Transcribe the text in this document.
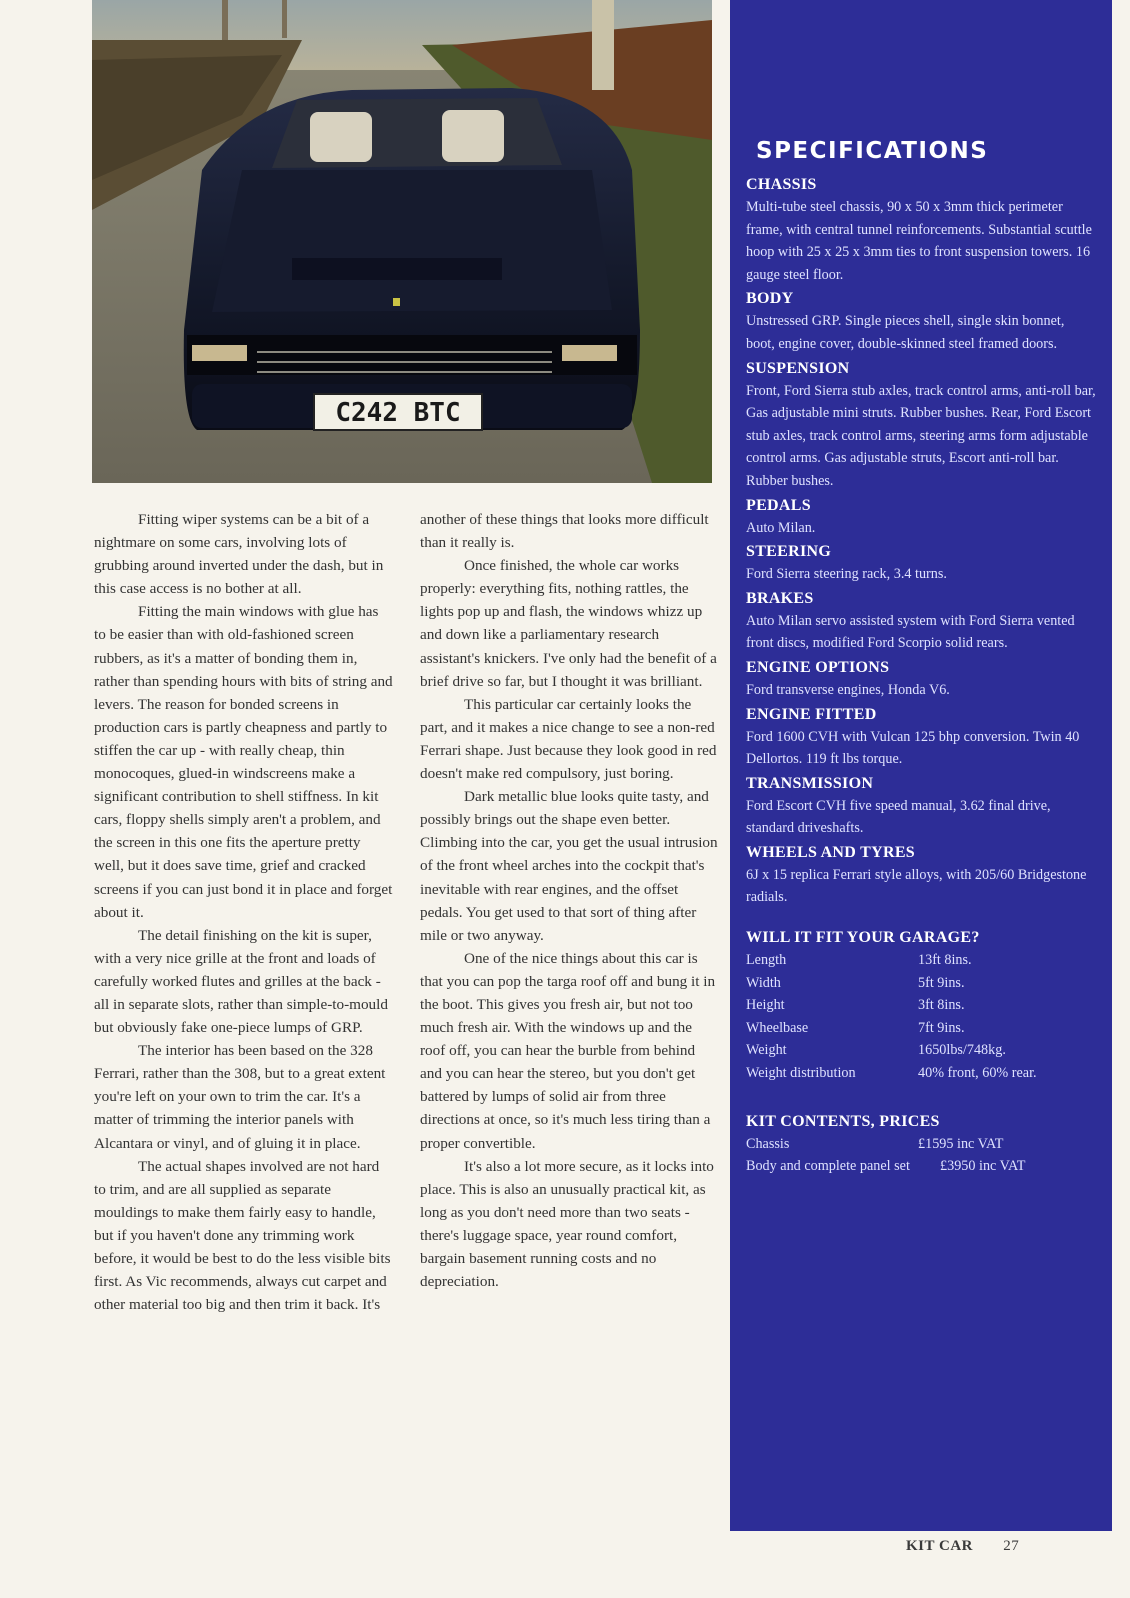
C242 BTC

Fitting wiper systems can be a bit of a nightmare on some cars, involving lots of grubbing around inverted under the dash, but in this case access is no bother at all.

Fitting the main windows with glue has to be easier than with old-fashioned screen rubbers, as it's a matter of bonding them in, rather than spending hours with bits of string and levers. The reason for bonded screens in production cars is partly cheapness and partly to stiffen the car up - with really cheap, thin monocoques, glued-in windscreens make a significant contribution to shell stiffness. In kit cars, floppy shells simply aren't a problem, and the screen in this one fits the aperture pretty well, but it does save time, grief and cracked screens if you can just bond it in place and forget about it.

The detail finishing on the kit is super, with a very nice grille at the front and loads of carefully worked flutes and grilles at the back - all in separate slots, rather than simple-to-mould but obviously fake one-piece lumps of GRP.

The interior has been based on the 328 Ferrari, rather than the 308, but to a great extent you're left on your own to trim the car. It's a matter of trimming the interior panels with Alcantara or vinyl, and of gluing it in place.

The actual shapes involved are not hard to trim, and are all supplied as separate mouldings to make them fairly easy to handle, but if you haven't done any trimming work before, it would be best to do the less visible bits first. As Vic recommends, always cut carpet and other material too big and then trim it back. It's

another of these things that looks more difficult than it really is.

Once finished, the whole car works properly: everything fits, nothing rattles, the lights pop up and flash, the windows whizz up and down like a parliamentary research assistant's knickers. I've only had the benefit of a brief drive so far, but I thought it was brilliant.

This particular car certainly looks the part, and it makes a nice change to see a non-red Ferrari shape. Just because they look good in red doesn't make red compulsory, just boring.

Dark metallic blue looks quite tasty, and possibly brings out the shape even better. Climbing into the car, you get the usual intrusion of the front wheel arches into the cockpit that's inevitable with rear engines, and the offset pedals. You get used to that sort of thing after mile or two anyway.

One of the nice things about this car is that you can pop the targa roof off and bung it in the boot. This gives you fresh air, but not too much fresh air. With the windows up and the roof off, you can hear the burble from behind and you can hear the stereo, but you don't get battered by lumps of solid air from three directions at once, so it's much less tiring than a proper convertible.

It's also a lot more secure, as it locks into place. This is also an unusually practical kit, as long as you don't need more than two seats - there's luggage space, year round comfort, bargain basement running costs and no depreciation.

SPECIFICATIONS
CHASSIS
Multi-tube steel chassis, 90 x 50 x 3mm thick perimeter frame, with central tunnel reinforcements. Substantial scuttle hoop with 25 x 25 x 3mm ties to front suspension towers. 16 gauge steel floor.
BODY
Unstressed GRP. Single pieces shell, single skin bonnet, boot, engine cover, double-skinned steel framed doors.
SUSPENSION
Front, Ford Sierra stub axles, track control arms, anti-roll bar, Gas adjustable mini struts. Rubber bushes. Rear, Ford Escort stub axles, track control arms, steering arms form adjustable control arms. Gas adjustable struts, Escort anti-roll bar. Rubber bushes.
PEDALS
Auto Milan.
STEERING
Ford Sierra steering rack, 3.4 turns.
BRAKES
Auto Milan servo assisted system with Ford Sierra vented front discs, modified Ford Scorpio solid rears.
ENGINE OPTIONS
Ford transverse engines, Honda V6.
ENGINE FITTED
Ford 1600 CVH with Vulcan 125 bhp conversion. Twin 40 Dellortos. 119 ft lbs torque.
TRANSMISSION
Ford Escort CVH five speed manual, 3.62 final drive, standard driveshafts.
WHEELS AND TYRES
6J x 15 replica Ferrari style alloys, with 205/60 Bridgestone radials.
WILL IT FIT YOUR GARAGE?
Length	13ft 8ins.
Width	5ft 9ins.
Height	3ft 8ins.
Wheelbase	7ft 9ins.
Weight	1650lbs/748kg.
Weight distribution	40% front, 60% rear.
KIT CONTENTS, PRICES
Chassis	£1595 inc VAT
Body and complete panel set	£3950 inc VAT
KIT CAR 27
